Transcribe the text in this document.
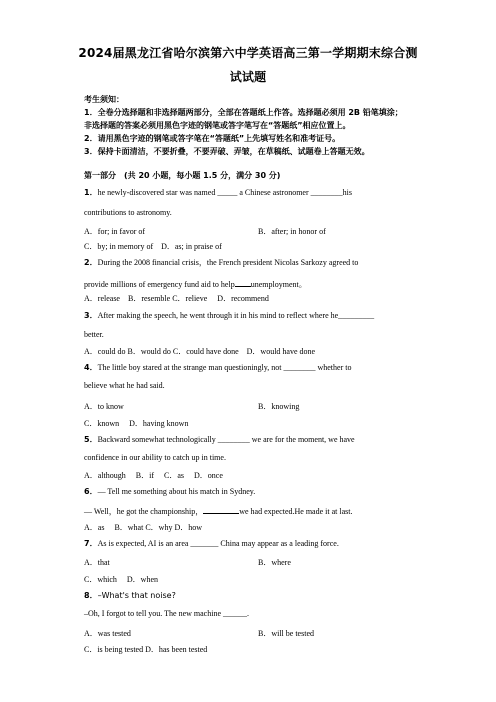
2024届黑龙江省哈尔滨第六中学英语高三第一学期期末综合测
试试题
考生须知：
1．全卷分选择题和非选择题两部分，全部在答题纸上作答。选择题必须用 2B 铅笔填涂；
非选择题的答案必须用黑色字迹的钢笔或答字笔写在“答题纸”相应位置上。
2．请用黑色字迹的钢笔或答字笔在“答题纸”上先填写姓名和准考证号。
3．保持卡面清洁，不要折叠，不要弄破、弄皱，在草稿纸、试题卷上答题无效。
第一部分　(共 20 小题，每小题 1.5 分，满分 30 分)
1．he newly-discovered star was named _____ a Chinese astronomer ________his
contributions to astronomy.
A．for; in favor of	B．after; in honor of
C．by; in memory of　D．as; in praise of
2．During the 2008 financial crisis，the French president Nicolas Sarkozy agreed to
provide millions of emergency fund aid to help unemployment。
A．release　B．resemble C．relieve　 D．recommend
3．After making the speech, he went through it in his mind to reflect where he_________
better.
A．could do B．would do C．could have done　D．would have done
4．The little boy stared at the strange man questioningly, not ________ whether to
believe what he had said.
A．to know	B．knowing
C．known　 D．having known
5．Backward somewhat technologically ________ we are for the moment, we have
confidence in our ability to catch up in time.
A．although　 B．if　 C．as　 D．once
6．— Tell me something about his match in Sydney.
— Well，he got the championship，	we had expected.He made it at last.
A．as　 B．what C．why D．how
7．As is expected, AI is an area _______ China may appear as a leading force.
A．that	B．where
C．which　 D．when
8．–What's that noise?
–Oh, I forgot to tell you. The new machine ______.
A．was tested	B．will be tested
C．is being tested D．has been tested
